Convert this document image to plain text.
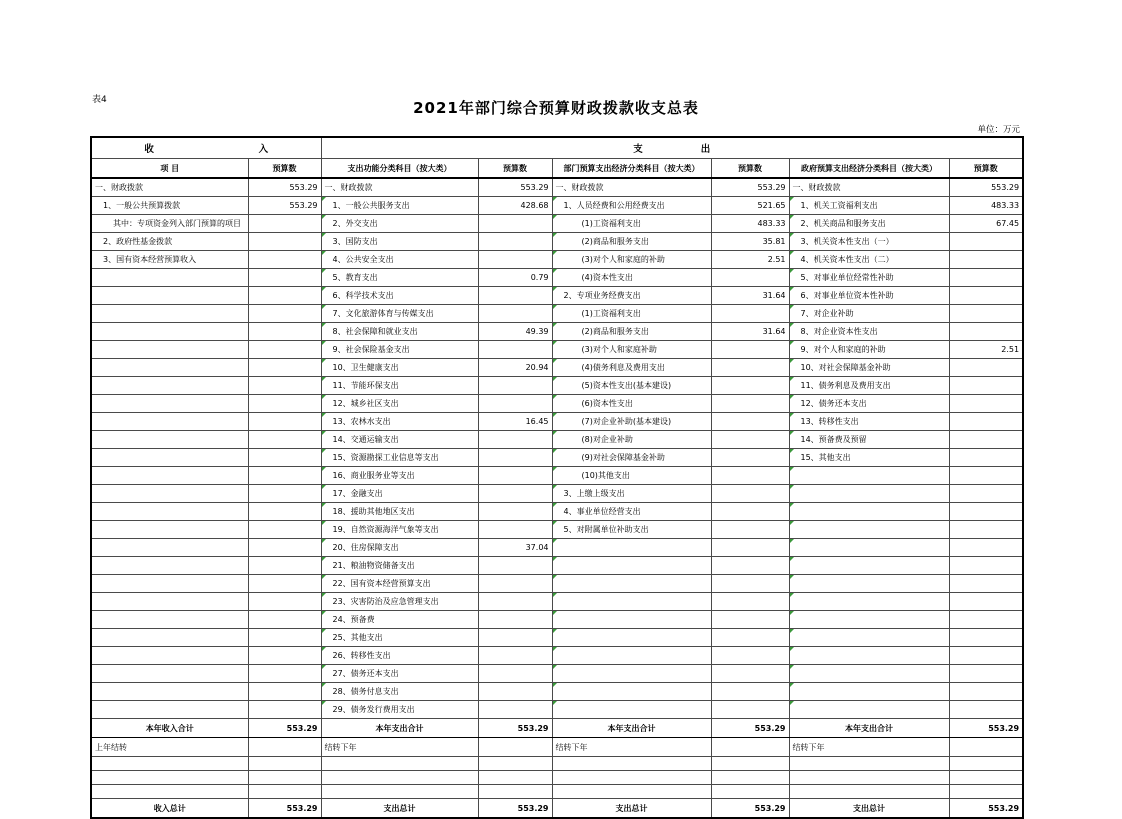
表4	2021年部门综合预算财政拨款收支总表
单位：万元
收 入		支 出					

项 目	预算数	支出功能分类科目（按大类）	预算数	部门预算支出经济分类科目（按大类）	预算数	政府预算支出经济分类科目（按大类）	预算数
一、财政拨款	553.29	一、财政拨款	553.29	一、财政拨款	553.29	一、财政拨款	553.29
1、一般公共预算拨款	553.29	1、一般公共服务支出	428.68	1、人员经费和公用经费支出	521.65	1、机关工资福利支出	483.33
其中：专项资金列入部门预算的项目		2、外交支出		(1)工资福利支出	483.33	2、机关商品和服务支出	67.45
2、政府性基金拨款		3、国防支出		(2)商品和服务支出	35.81	3、机关资本性支出（一）	
3、国有资本经营预算收入		4、公共安全支出		(3)对个人和家庭的补助	2.51	4、机关资本性支出（二）	
		5、教育支出	0.79	(4)资本性支出		5、对事业单位经常性补助	
		6、科学技术支出		2、专项业务经费支出	31.64	6、对事业单位资本性补助	
		7、文化旅游体育与传媒支出		(1)工资福利支出		7、对企业补助	
		8、社会保障和就业支出	49.39	(2)商品和服务支出	31.64	8、对企业资本性支出	
		9、社会保险基金支出		(3)对个人和家庭补助		9、对个人和家庭的补助	2.51
		10、卫生健康支出	20.94	(4)债务利息及费用支出		10、对社会保障基金补助	
		11、节能环保支出		(5)资本性支出(基本建设)		11、债务利息及费用支出	
		12、城乡社区支出		(6)资本性支出		12、债务还本支出	
		13、农林水支出	16.45	(7)对企业补助(基本建设)		13、转移性支出	
		14、交通运输支出		(8)对企业补助		14、预备费及预留	
		15、资源勘探工业信息等支出		(9)对社会保障基金补助		15、其他支出	
		16、商业服务业等支出		(10)其他支出			
		17、金融支出		3、上缴上级支出			
		18、援助其他地区支出		4、事业单位经营支出			
		19、自然资源海洋气象等支出		5、对附属单位补助支出			
		20、住房保障支出	37.04				
		21、粮油物资储备支出					
		22、国有资本经营预算支出					
		23、灾害防治及应急管理支出					
		24、预备费					
		25、其他支出					
		26、转移性支出					
		27、债务还本支出					
		28、债务付息支出					
		29、债务发行费用支出					
本年收入合计	553.29	本年支出合计	553.29	本年支出合计	553.29	本年支出合计	553.29
上年结转		结转下年		结转下年		结转下年	

收入总计	553.29	支出总计	553.29	支出总计	553.29	支出总计	553.29
